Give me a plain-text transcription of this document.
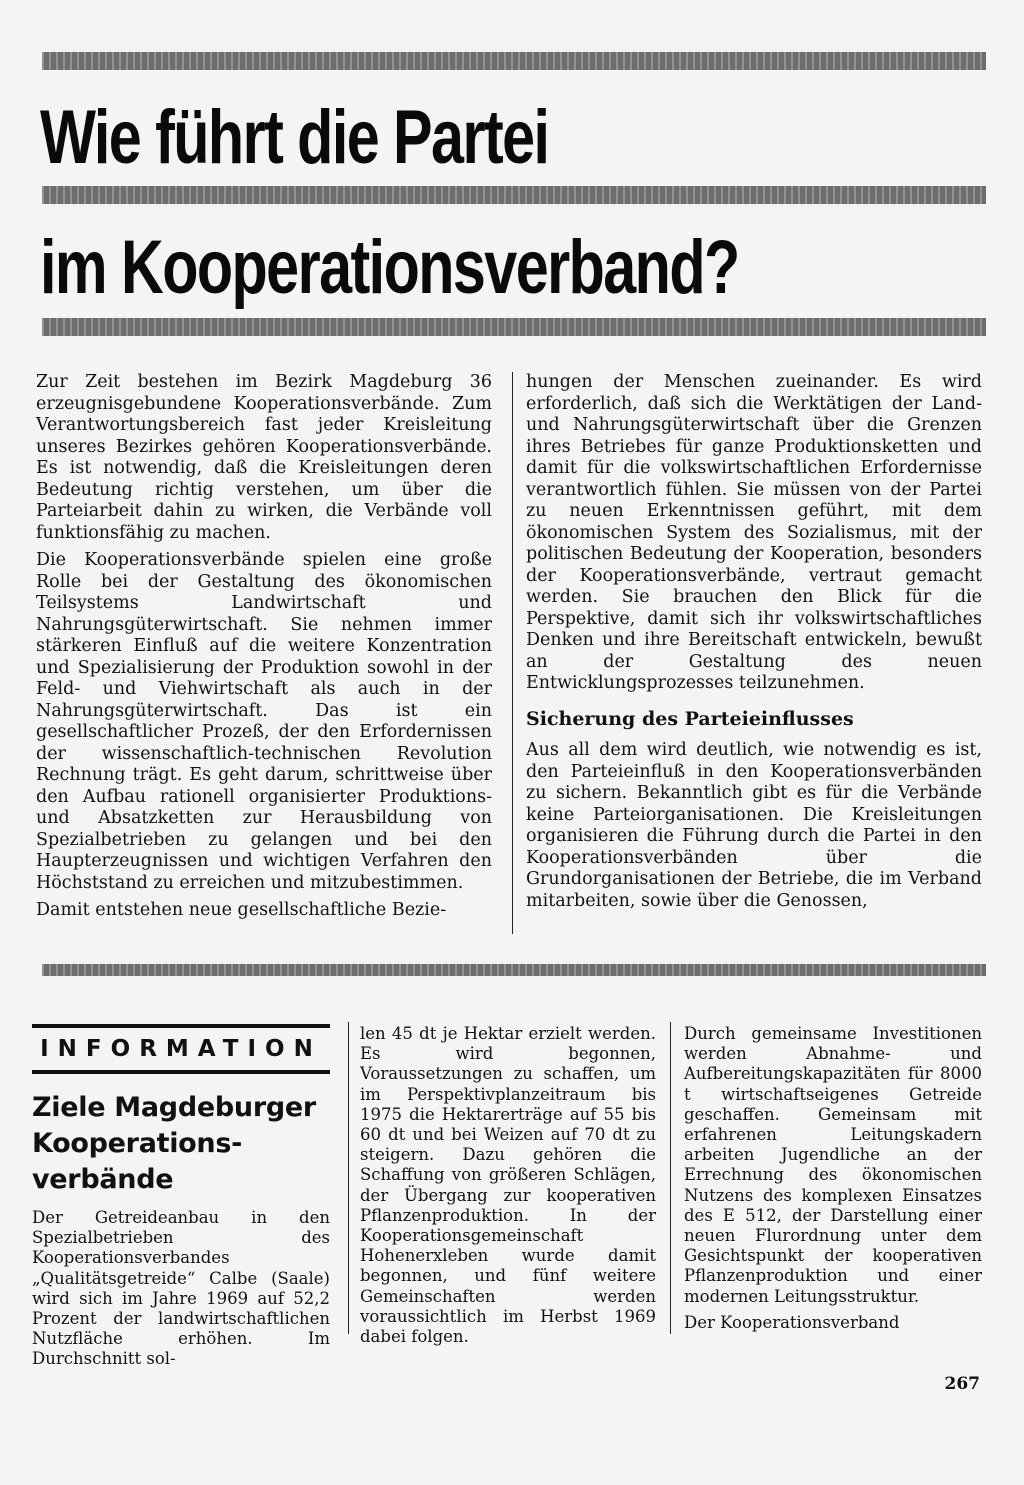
Wie führt die Partei
im Kooperationsverband?

Zur Zeit bestehen im Bezirk Magdeburg 36 erzeugnisgebundene Kooperationsverbände. Zum Verantwortungsbereich fast jeder Kreisleitung unseres Bezirkes gehören Kooperationsverbände. Es ist notwendig, daß die Kreisleitungen deren Bedeutung richtig verstehen, um über die Parteiarbeit dahin zu wirken, die Verbände voll funktionsfähig zu machen.

Die Kooperationsverbände spielen eine große Rolle bei der Gestaltung des ökonomischen Teilsystems Landwirtschaft und Nahrungsgüterwirtschaft. Sie nehmen immer stärkeren Einfluß auf die weitere Konzentration und Spezialisierung der Produktion sowohl in der Feld- und Viehwirtschaft als auch in der Nahrungsgüterwirtschaft. Das ist ein gesellschaftlicher Prozeß, der den Erfordernissen der wissenschaftlich-technischen Revolution Rechnung trägt. Es geht darum, schrittweise über den Aufbau rationell organisierter Produktions- und Absatzketten zur Herausbildung von Spezialbetrieben zu gelangen und bei den Haupterzeugnissen und wichtigen Verfahren den Höchststand zu erreichen und mitzubestimmen.

Damit entstehen neue gesellschaftliche Bezie-

hungen der Menschen zueinander. Es wird erforderlich, daß sich die Werktätigen der Land- und Nahrungsgüterwirtschaft über die Grenzen ihres Betriebes für ganze Produktionsketten und damit für die volkswirtschaftlichen Erfordernisse verantwortlich fühlen. Sie müssen von der Partei zu neuen Erkenntnissen geführt, mit dem ökonomischen System des Sozialismus, mit der politischen Bedeutung der Kooperation, besonders der Kooperationsverbände, vertraut gemacht werden. Sie brauchen den Blick für die Perspektive, damit sich ihr volkswirtschaftliches Denken und ihre Bereitschaft entwickeln, bewußt an der Gestaltung des neuen Entwicklungsprozesses teilzunehmen.

Sicherung des Parteieinflusses

Aus all dem wird deutlich, wie notwendig es ist, den Parteieinfluß in den Kooperationsverbänden zu sichern. Bekanntlich gibt es für die Verbände keine Parteiorganisationen. Die Kreisleitungen organisieren die Führung durch die Partei in den Kooperationsverbänden über die Grundorganisationen der Betriebe, die im Verband mitarbeiten, sowie über die Genossen,

INFORMATION
Ziele Magdeburger Kooperations-verbände

Der Getreideanbau in den Spezialbetrieben des Kooperationsverbandes „Qualitätsgetreide“ Calbe (Saale) wird sich im Jahre 1969 auf 52,2 Prozent der landwirtschaftlichen Nutzfläche erhöhen. Im Durchschnitt sol-

len 45 dt je Hektar erzielt werden. Es wird begonnen, Voraussetzungen zu schaffen, um im Perspektivplanzeitraum bis 1975 die Hektarerträge auf 55 bis 60 dt und bei Weizen auf 70 dt zu steigern. Dazu gehören die Schaffung von größeren Schlägen, der Übergang zur kooperativen Pflanzenproduktion. In der Kooperationsgemeinschaft Hohenerxleben wurde damit begonnen, und fünf weitere Gemeinschaften werden voraussichtlich im Herbst 1969 dabei folgen.

Durch gemeinsame Investitionen werden Abnahme- und Aufbereitungskapazitäten für 8000 t wirtschaftseigenes Getreide geschaffen. Gemeinsam mit erfahrenen Leitungskadern arbeiten Jugendliche an der Errechnung des ökonomischen Nutzens des komplexen Einsatzes des E 512, der Darstellung einer neuen Flurordnung unter dem Gesichtspunkt der kooperativen Pflanzenproduktion und einer modernen Leitungsstruktur.

Der Kooperationsverband

267
